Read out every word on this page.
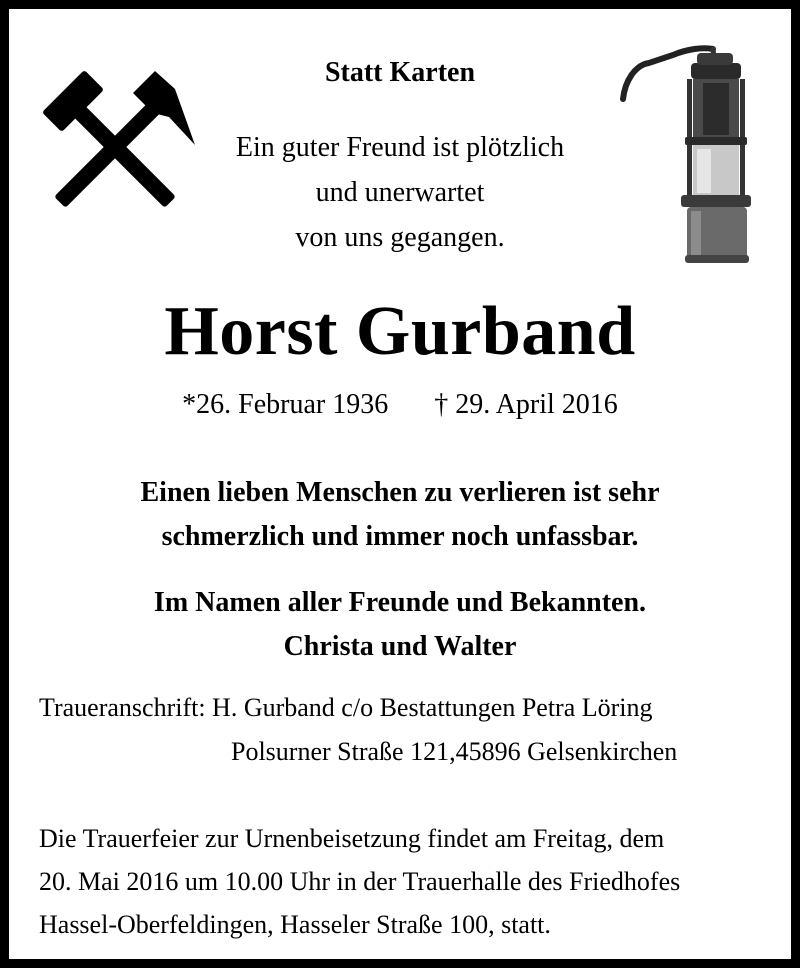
Statt Karten
Ein guter Freund ist plötzlich
und unerwartet
von uns gegangen.
Horst Gurband
*26. Februar 1936 † 29. April 2016
Einen lieben Menschen zu verlieren ist sehr
schmerzlich und immer noch unfassbar.
Im Namen aller Freunde und Bekannten.
Christa und Walter
Traueranschrift: H. Gurband c/o Bestattungen Petra Löring
Polsurner Straße 121,45896 Gelsenkirchen
Die Trauerfeier zur Urnenbeisetzung findet am Freitag, dem
20. Mai 2016 um 10.00 Uhr in der Trauerhalle des Friedhofes
Hassel-Oberfeldingen, Hasseler Straße 100, statt.
